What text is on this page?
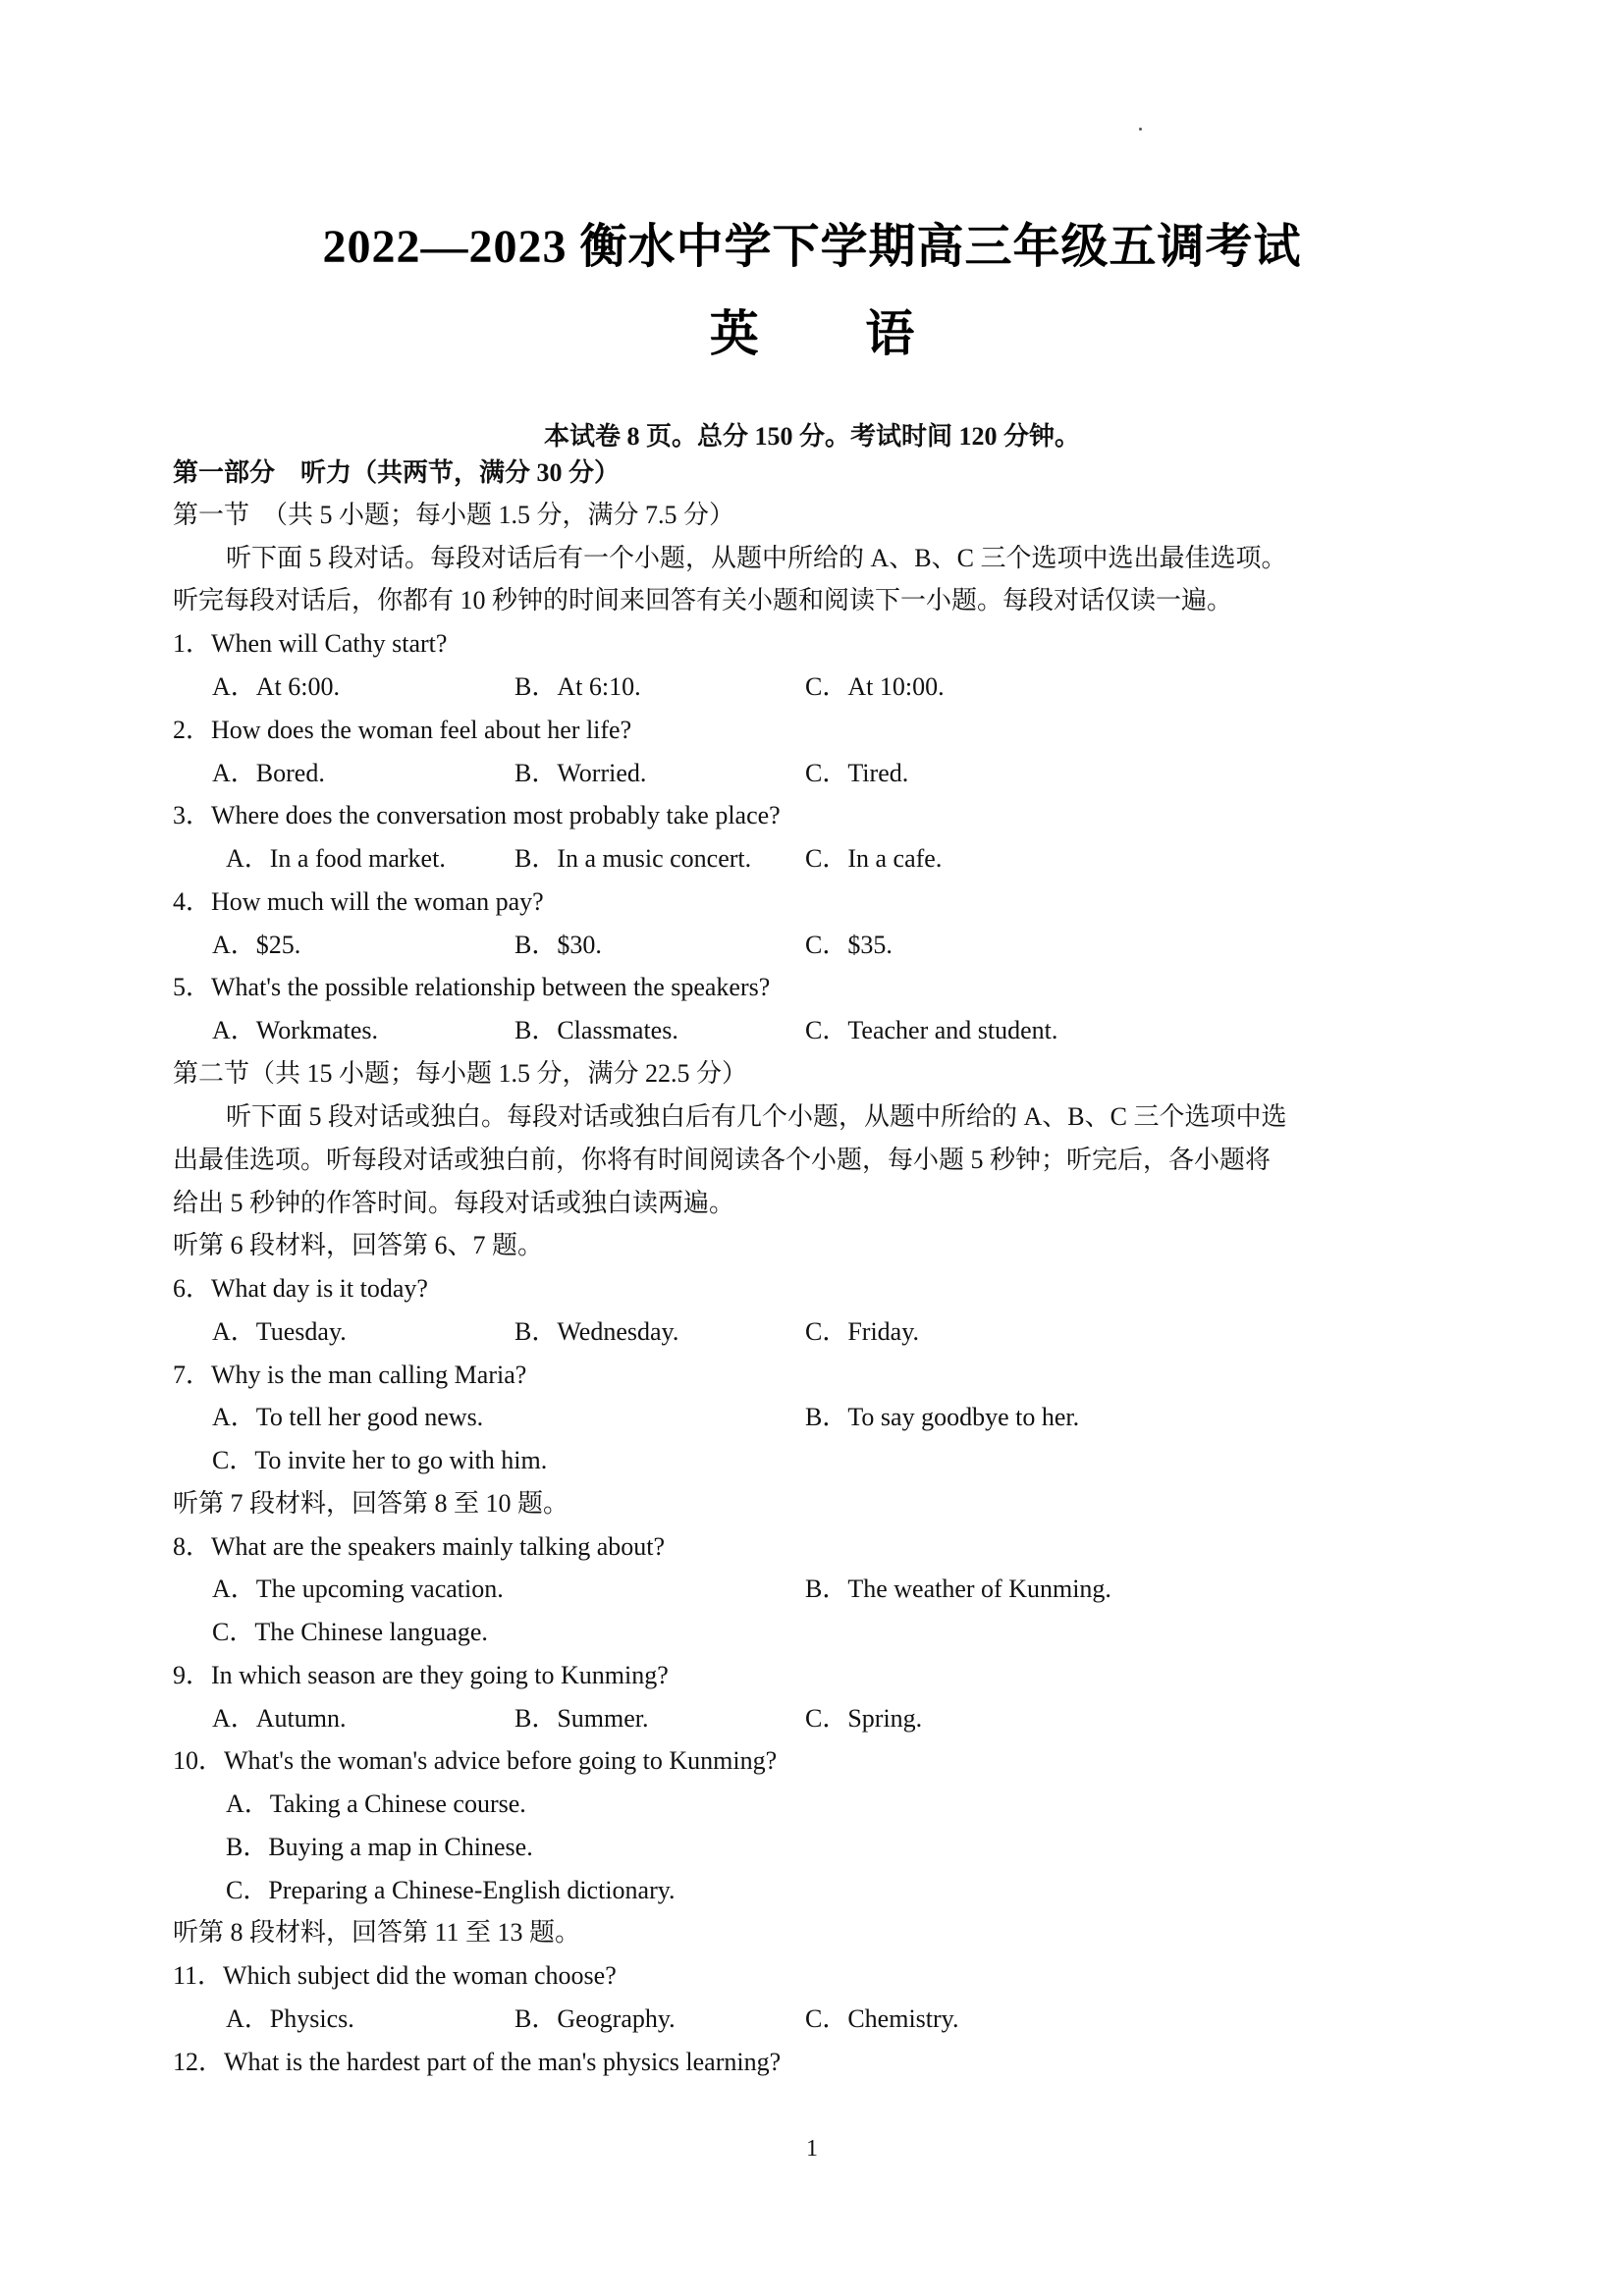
2022—2023 衡水中学下学期高三年级五调考试
英 语
本试卷 8 页。总分 150 分。考试时间 120 分钟。
第一部分　听力（共两节，满分 30 分）
第一节　（共 5 小题；每小题 1.5 分，满分 7.5 分）
听下面 5 段对话。每段对话后有一个小题，从题中所给的 A、B、C 三个选项中选出最佳选项。
听完每段对话后，你都有 10 秒钟的时间来回答有关小题和阅读下一小题。每段对话仅读一遍。
1．When will Cathy start?
A．At 6:00.	B．At 6:10.	C．At 10:00.
2．How does the woman feel about her life?
A．Bored.	B．Worried.	C．Tired.
3．Where does the conversation most probably take place?
A．In a food market.	B．In a music concert. C．In a cafe.
4．How much will the woman pay?
A．$25.	B．$30.	C．$35.
5．What's the possible relationship between the speakers?
A．Workmates.	B．Classmates.	C．Teacher and student.
第二节（共 15 小题；每小题 1.5 分，满分 22.5 分）
听下面 5 段对话或独白。每段对话或独白后有几个小题，从题中所给的 A、B、C 三个选项中选
出最佳选项。听每段对话或独白前，你将有时间阅读各个小题，每小题 5 秒钟；听完后，各小题将
给出 5 秒钟的作答时间。每段对话或独白读两遍。
听第 6 段材料，回答第 6、7 题。
6．What day is it today?
A．Tuesday.	B．Wednesday.	C．Friday.
7．Why is the man calling Maria?
A．To tell her good news.	B．To say goodbye to her.
C．To invite her to go with him.
听第 7 段材料，回答第 8 至 10 题。
8．What are the speakers mainly talking about?
A．The upcoming vacation.	B．The weather of Kunming.
C．The Chinese language.
9．In which season are they going to Kunming?
A．Autumn.	B．Summer.	C．Spring.
10．What's the woman's advice before going to Kunming?
A．Taking a Chinese course.
B．Buying a map in Chinese.
C．Preparing a Chinese-English dictionary.
听第 8 段材料，回答第 11 至 13 题。
11．Which subject did the woman choose?
A．Physics.	B．Geography.	C．Chemistry.
12．What is the hardest part of the man's physics learning?
1
